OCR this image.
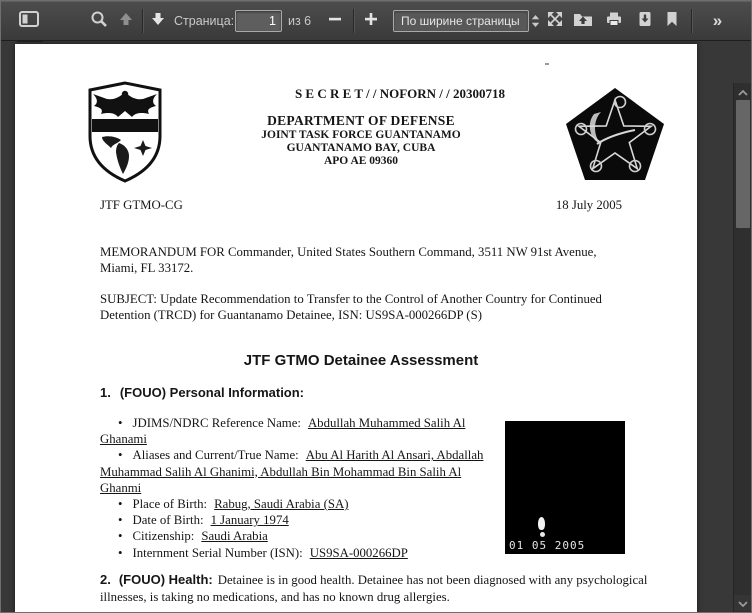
Страница:
1	из 6	По ширине страницы	»
S E C R E T / / NOFORN / / 20300718
DEPARTMENT OF DEFENSE
JOINT TASK FORCE GUANTANAMO
GUANTANAMO BAY, CUBA
APO AE 09360
JTF GTMO-CG	18 July 2005

MEMORANDUM FOR Commander, United States Southern Command, 3511 NW 91st Avenue, Miami, FL 33172.

SUBJECT: Update Recommendation to Transfer to the Control of Another Country for Continued Detention (TRCD) for Guantanamo Detainee, ISN: US9SA-000266DP (S)

JTF GTMO Detainee Assessment
1. (FOUO) Personal Information:
• JDIMS/NDRC Reference Name: Abdullah Muhammed Salih Al Ghanami
• Aliases and Current/True Name: Abu Al Harith Al Ansari, Abdallah Muhammad Salih Al Ghanimi, Abdullah Bin Mohammad Bin Salih Al Ghanmi
• Place of Birth: Rabug, Saudi Arabia (SA)
• Date of Birth: 1 January 1974
• Citizenship: Saudi Arabia
• Internment Serial Number (ISN): US9SA-000266DP
01 05 2005
2. (FOUO) Health: Detainee is in good health. Detainee has not been diagnosed with any psychological illnesses, is taking no medications, and has no known drug allergies.
